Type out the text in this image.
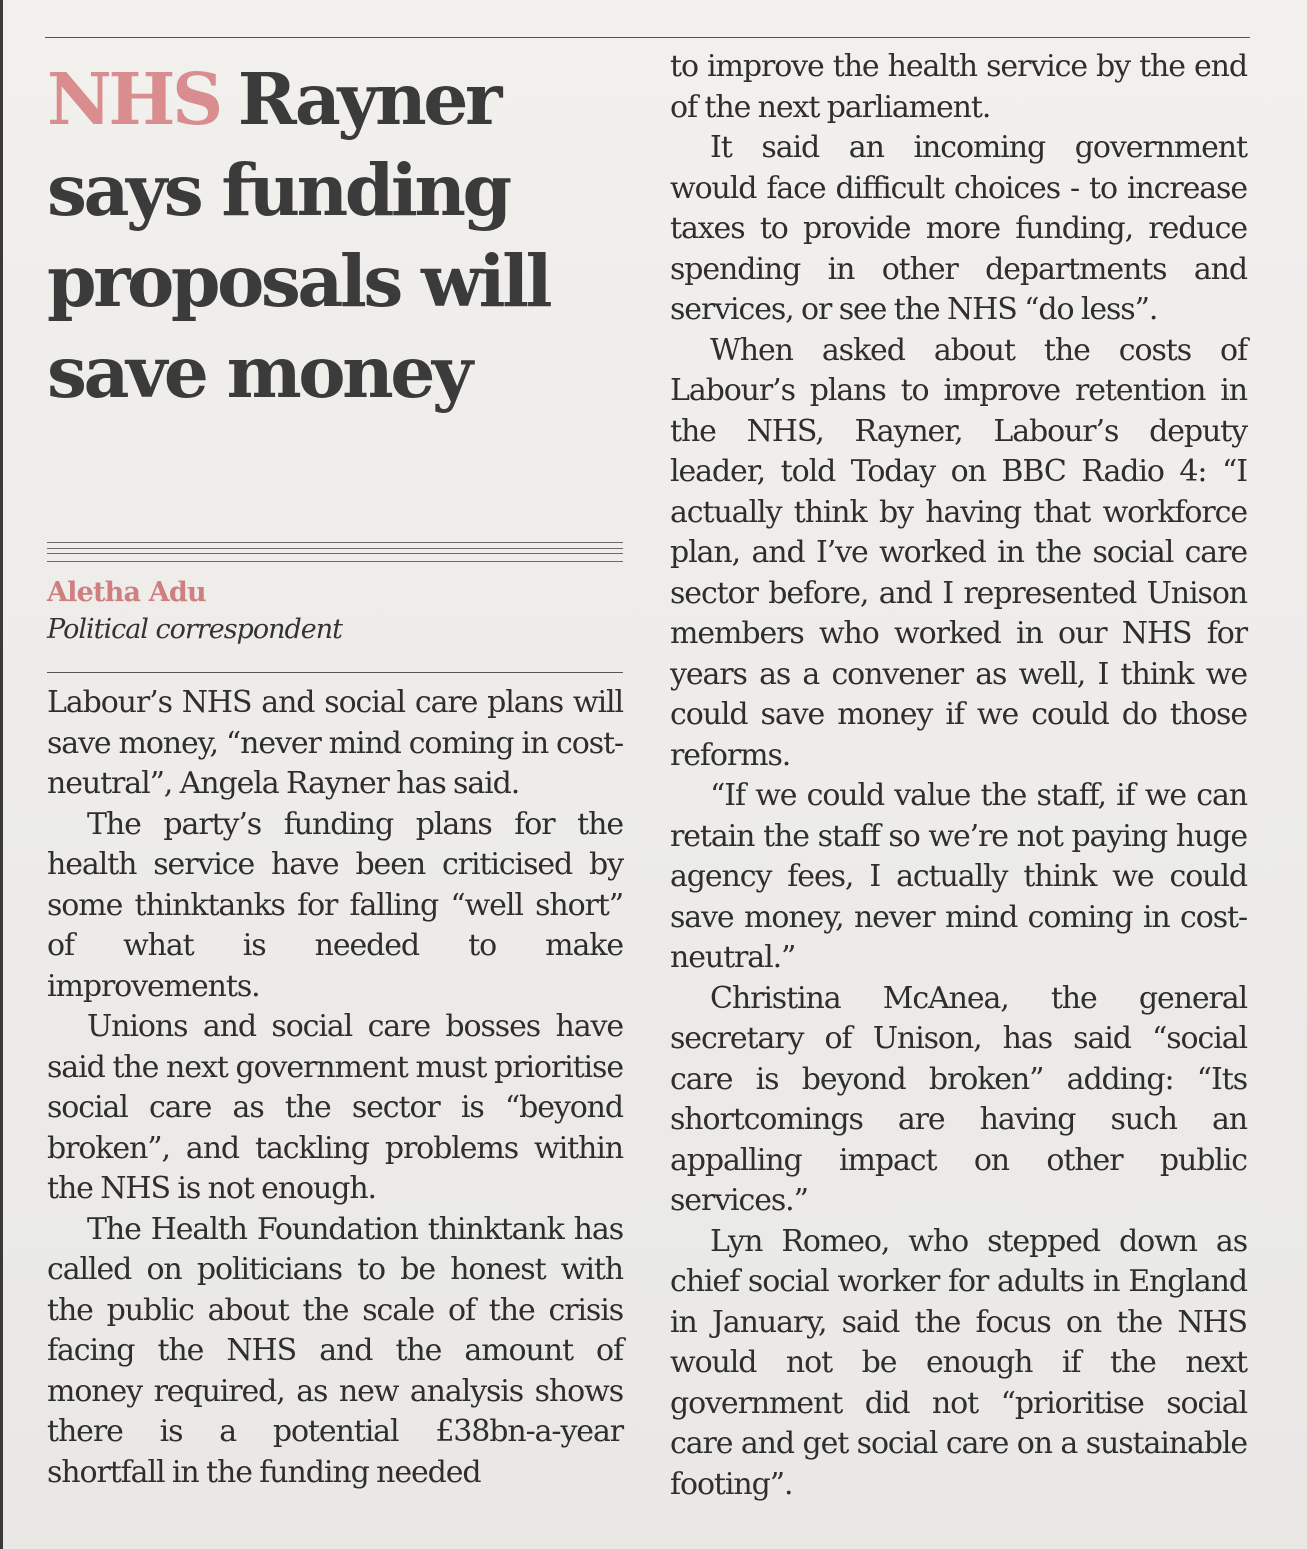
NHS Rayner says funding proposals will save money
Aletha Adu
Political correspondent

Labour’s NHS and social care plans will save money, “never mind coming in cost-neutral”, Angela Rayner has said.

The party’s funding plans for the health service have been criticised by some thinktanks for falling “well short” of what is needed to make improvements.

Unions and social care bosses have said the next government must prioritise social care as the sector is “beyond broken”, and tackling problems within the NHS is not enough.

The Health Foundation thinktank has called on politicians to be honest with the public about the scale of the crisis facing the NHS and the amount of money required, as new analysis shows there is a potential £38bn-a-year shortfall in the funding needed

to improve the health service by the end of the next parliament.

It said an incoming government would face difficult choices - to increase taxes to provide more funding, reduce spending in other departments and services, or see the NHS “do less”.

When asked about the costs of Labour’s plans to improve retention in the NHS, Rayner, Labour’s deputy leader, told Today on BBC Radio 4: “I actually think by having that workforce plan, and I’ve worked in the social care sector before, and I represented Unison members who worked in our NHS for years as a convener as well, I think we could save money if we could do those reforms.

“If we could value the staff, if we can retain the staff so we’re not paying huge agency fees, I actually think we could save money, never mind coming in cost-neutral.”

Christina McAnea, the general secretary of Unison, has said “social care is beyond broken” adding: “Its shortcomings are having such an appalling impact on other public services.”

Lyn Romeo, who stepped down as chief social worker for adults in England in January, said the focus on the NHS would not be enough if the next government did not “prioritise social care and get social care on a sustainable footing”.
